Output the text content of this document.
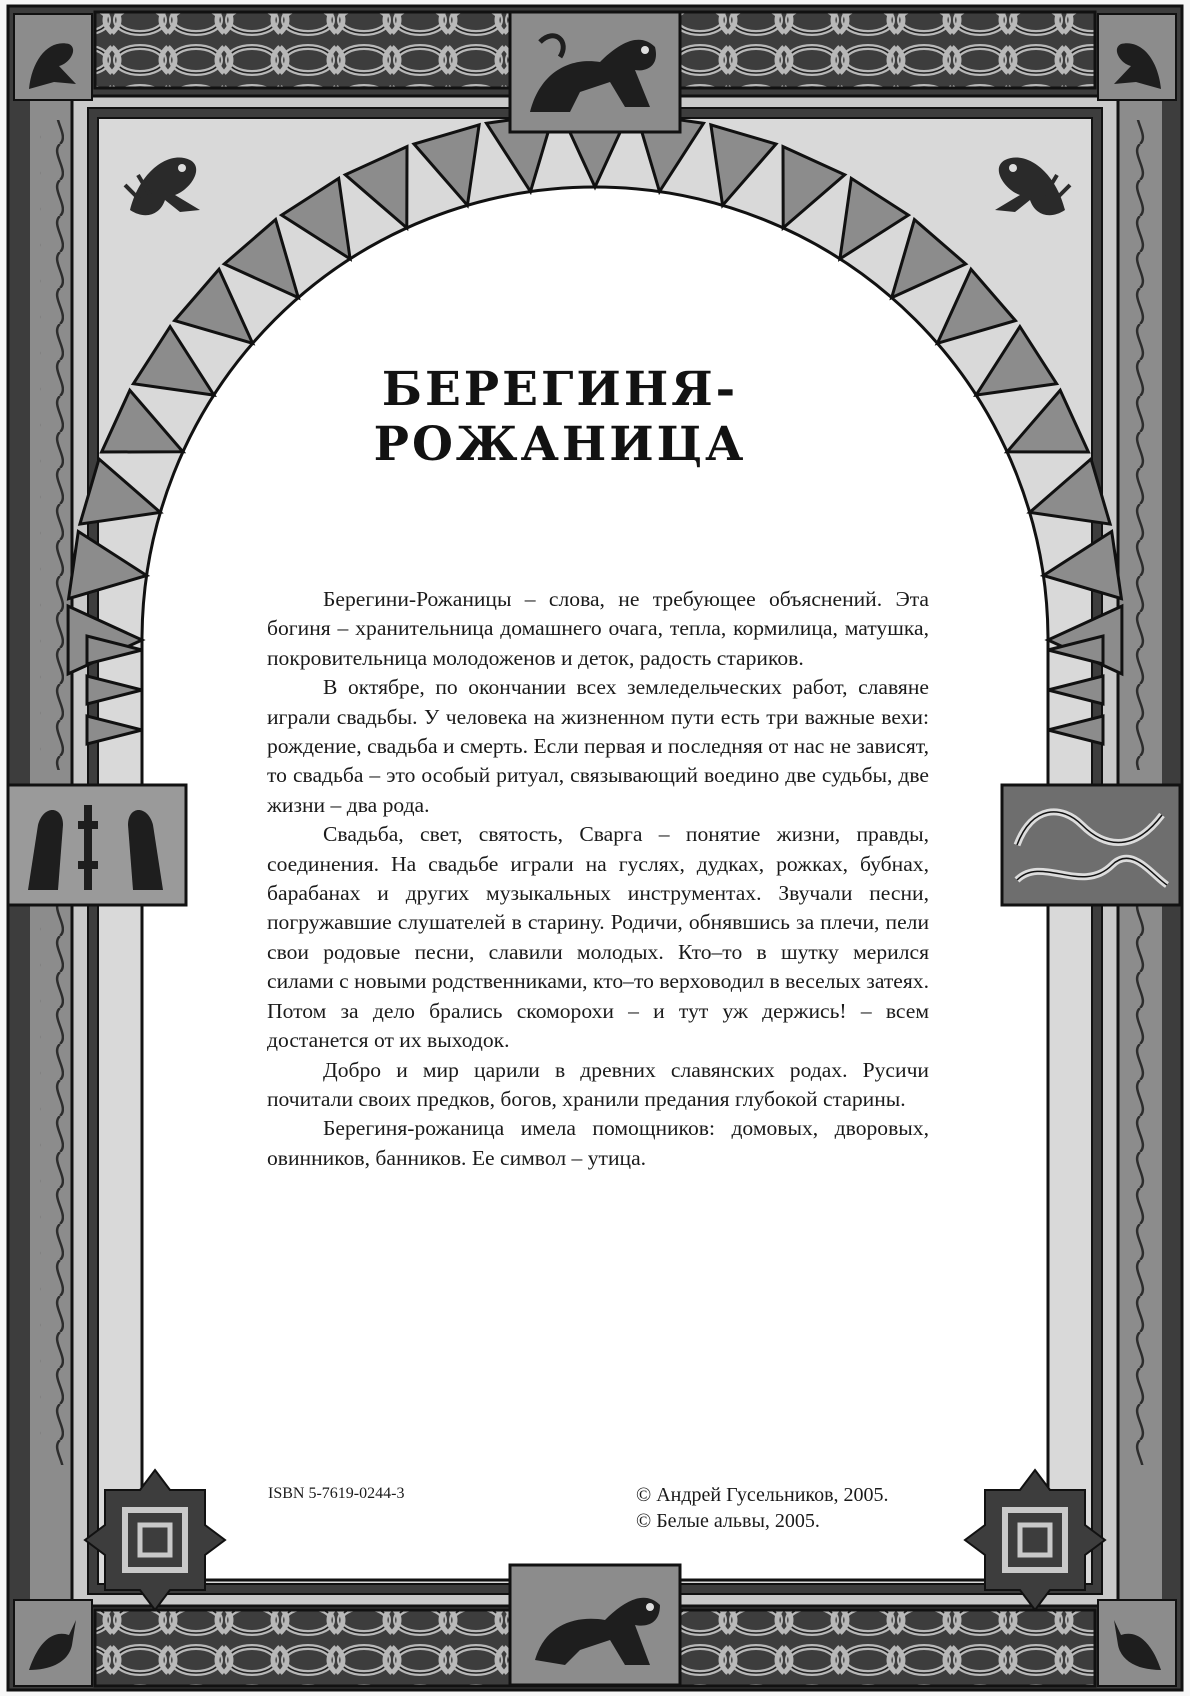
БЕРЕГИНЯ-РОЖАНИЦА

Берегини-Рожаницы – слова, не требующее объяснений. Эта богиня – хранительница домашнего очага, тепла, кормилица, матушка, покровительница молодоженов и деток, радость стариков.

В октябре, по окончании всех земледельческих работ, славяне играли свадьбы. У человека на жизненном пути есть три важные вехи: рождение, свадьба и смерть. Если первая и последняя от нас не зависят, то свадьба – это особый ритуал, связывающий воедино две судьбы, две жизни – два рода.

Свадьба, свет, святость, Сварга – понятие жизни, правды, соединения. На свадьбе играли на гуслях, дудках, рожках, бубнах, барабанах и других музыкальных инструментах. Звучали песни, погружавшие слушателей в старину. Родичи, обнявшись за плечи, пели свои родовые песни, славили молодых. Кто–то в шутку мерился силами с новыми родственниками, кто–то верховодил в веселых затеях. Потом за дело брались скоморохи – и тут уж держись! – всем достанется от их выходок.

Добро и мир царили в древних славянских родах. Русичи почитали своих предков, богов, хранили предания глубокой старины.

Берегиня-рожаница имела помощников: домовых, дворовых, овинников, банников. Ее символ – утица.

ISBN 5-7619-0244-3	© Андрей Гусельников, 2005.
© Белые альвы, 2005.
